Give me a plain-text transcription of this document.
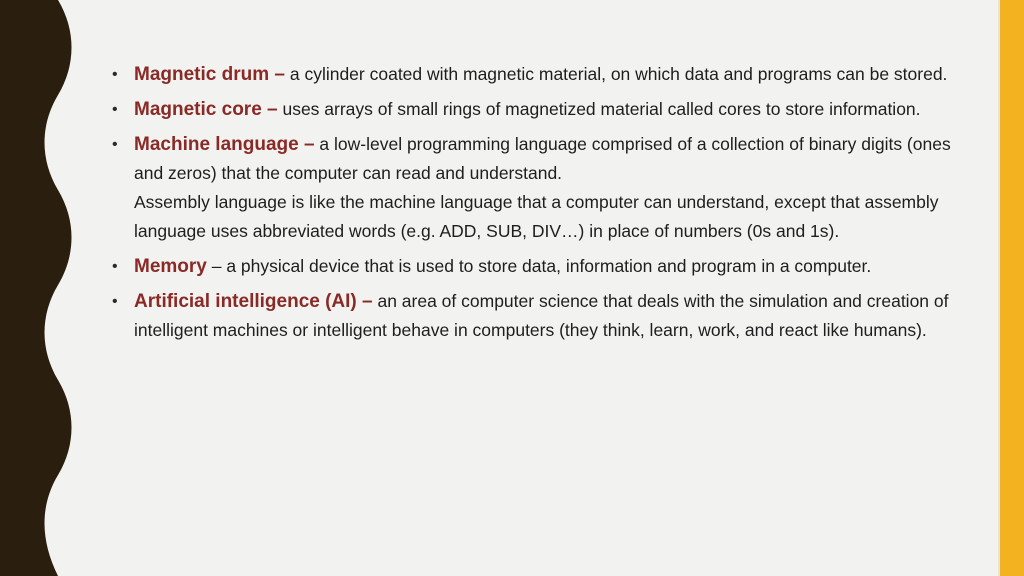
• Magnetic drum – a cylinder coated with magnetic material, on which data and programs can be stored.
• Magnetic core – uses arrays of small rings of magnetized material called cores to store information.
• Machine language – a low-level programming language comprised of a collection of binary digits (ones and zeros) that the computer can read and understand.
Assembly language is like the machine language that a computer can understand, except that assembly language uses abbreviated words (e.g. ADD, SUB, DIV…) in place of numbers (0s and 1s).
• Memory – a physical device that is used to store data, information and program in a computer.
• Artificial intelligence (AI) – an area of computer science that deals with the simulation and creation of intelligent machines or intelligent behave in computers (they think, learn, work, and react like humans).
